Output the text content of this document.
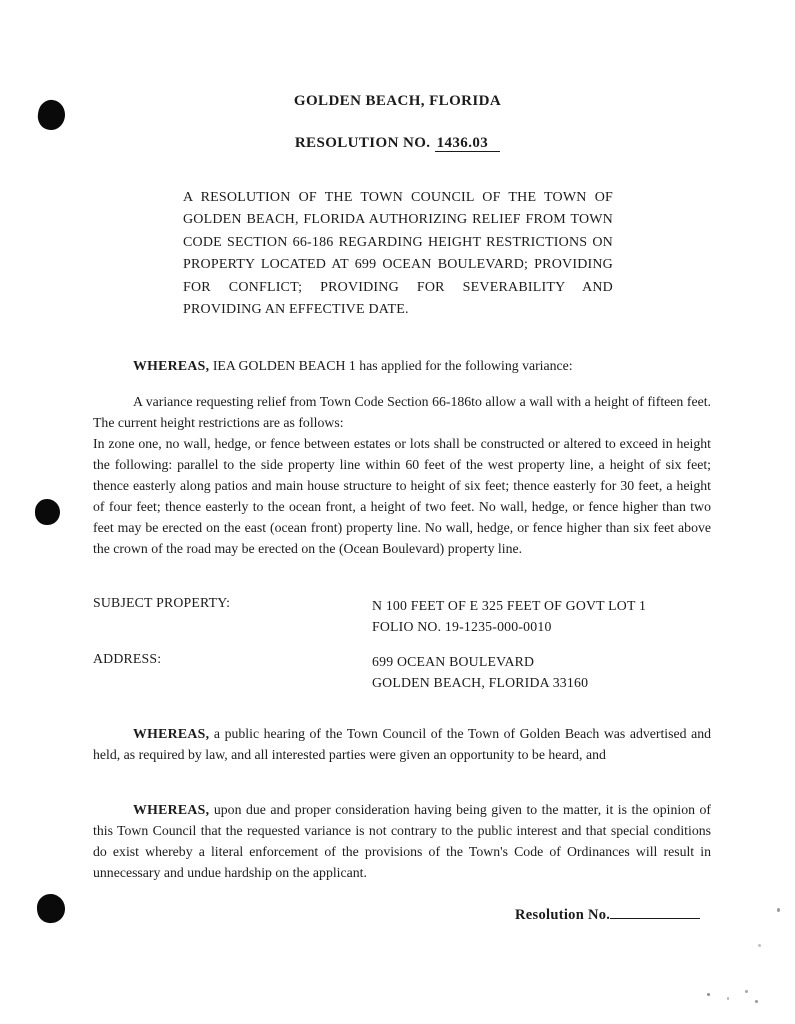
GOLDEN BEACH, FLORIDA
RESOLUTION NO. 1436.03
A RESOLUTION OF THE TOWN COUNCIL OF THE TOWN OF GOLDEN BEACH, FLORIDA AUTHORIZING RELIEF FROM TOWN CODE SECTION 66-186 REGARDING HEIGHT RESTRICTIONS ON PROPERTY LOCATED AT 699 OCEAN BOULEVARD; PROVIDING FOR CONFLICT; PROVIDING FOR SEVERABILITY AND PROVIDING AN EFFECTIVE DATE.
WHEREAS, IEA GOLDEN BEACH 1 has applied for the following variance:

A variance requesting relief from Town Code Section 66-186to allow a wall with a height of fifteen feet. The current height restrictions are as follows:

In zone one, no wall, hedge, or fence between estates or lots shall be constructed or altered to exceed in height the following: parallel to the side property line within 60 feet of the west property line, a height of six feet; thence easterly along patios and main house structure to height of six feet; thence easterly for 30 feet, a height of four feet; thence easterly to the ocean front, a height of two feet. No wall, hedge, or fence higher than two feet may be erected on the east (ocean front) property line. No wall, hedge, or fence higher than six feet above the crown of the road may be erected on the (Ocean Boulevard) property line.

SUBJECT PROPERTY:	N 100 FEET OF E 325 FEET OF GOVT LOT 1
FOLIO NO. 19-1235-000-0010
ADDRESS:	699 OCEAN BOULEVARD
GOLDEN BEACH, FLORIDA 33160
WHEREAS, a public hearing of the Town Council of the Town of Golden Beach was advertised and held, as required by law, and all interested parties were given an opportunity to be heard, and
WHEREAS, upon due and proper consideration having being given to the matter, it is the opinion of this Town Council that the requested variance is not contrary to the public interest and that special conditions do exist whereby a literal enforcement of the provisions of the Town's Code of Ordinances will result in unnecessary and undue hardship on the applicant.
Resolution No.
